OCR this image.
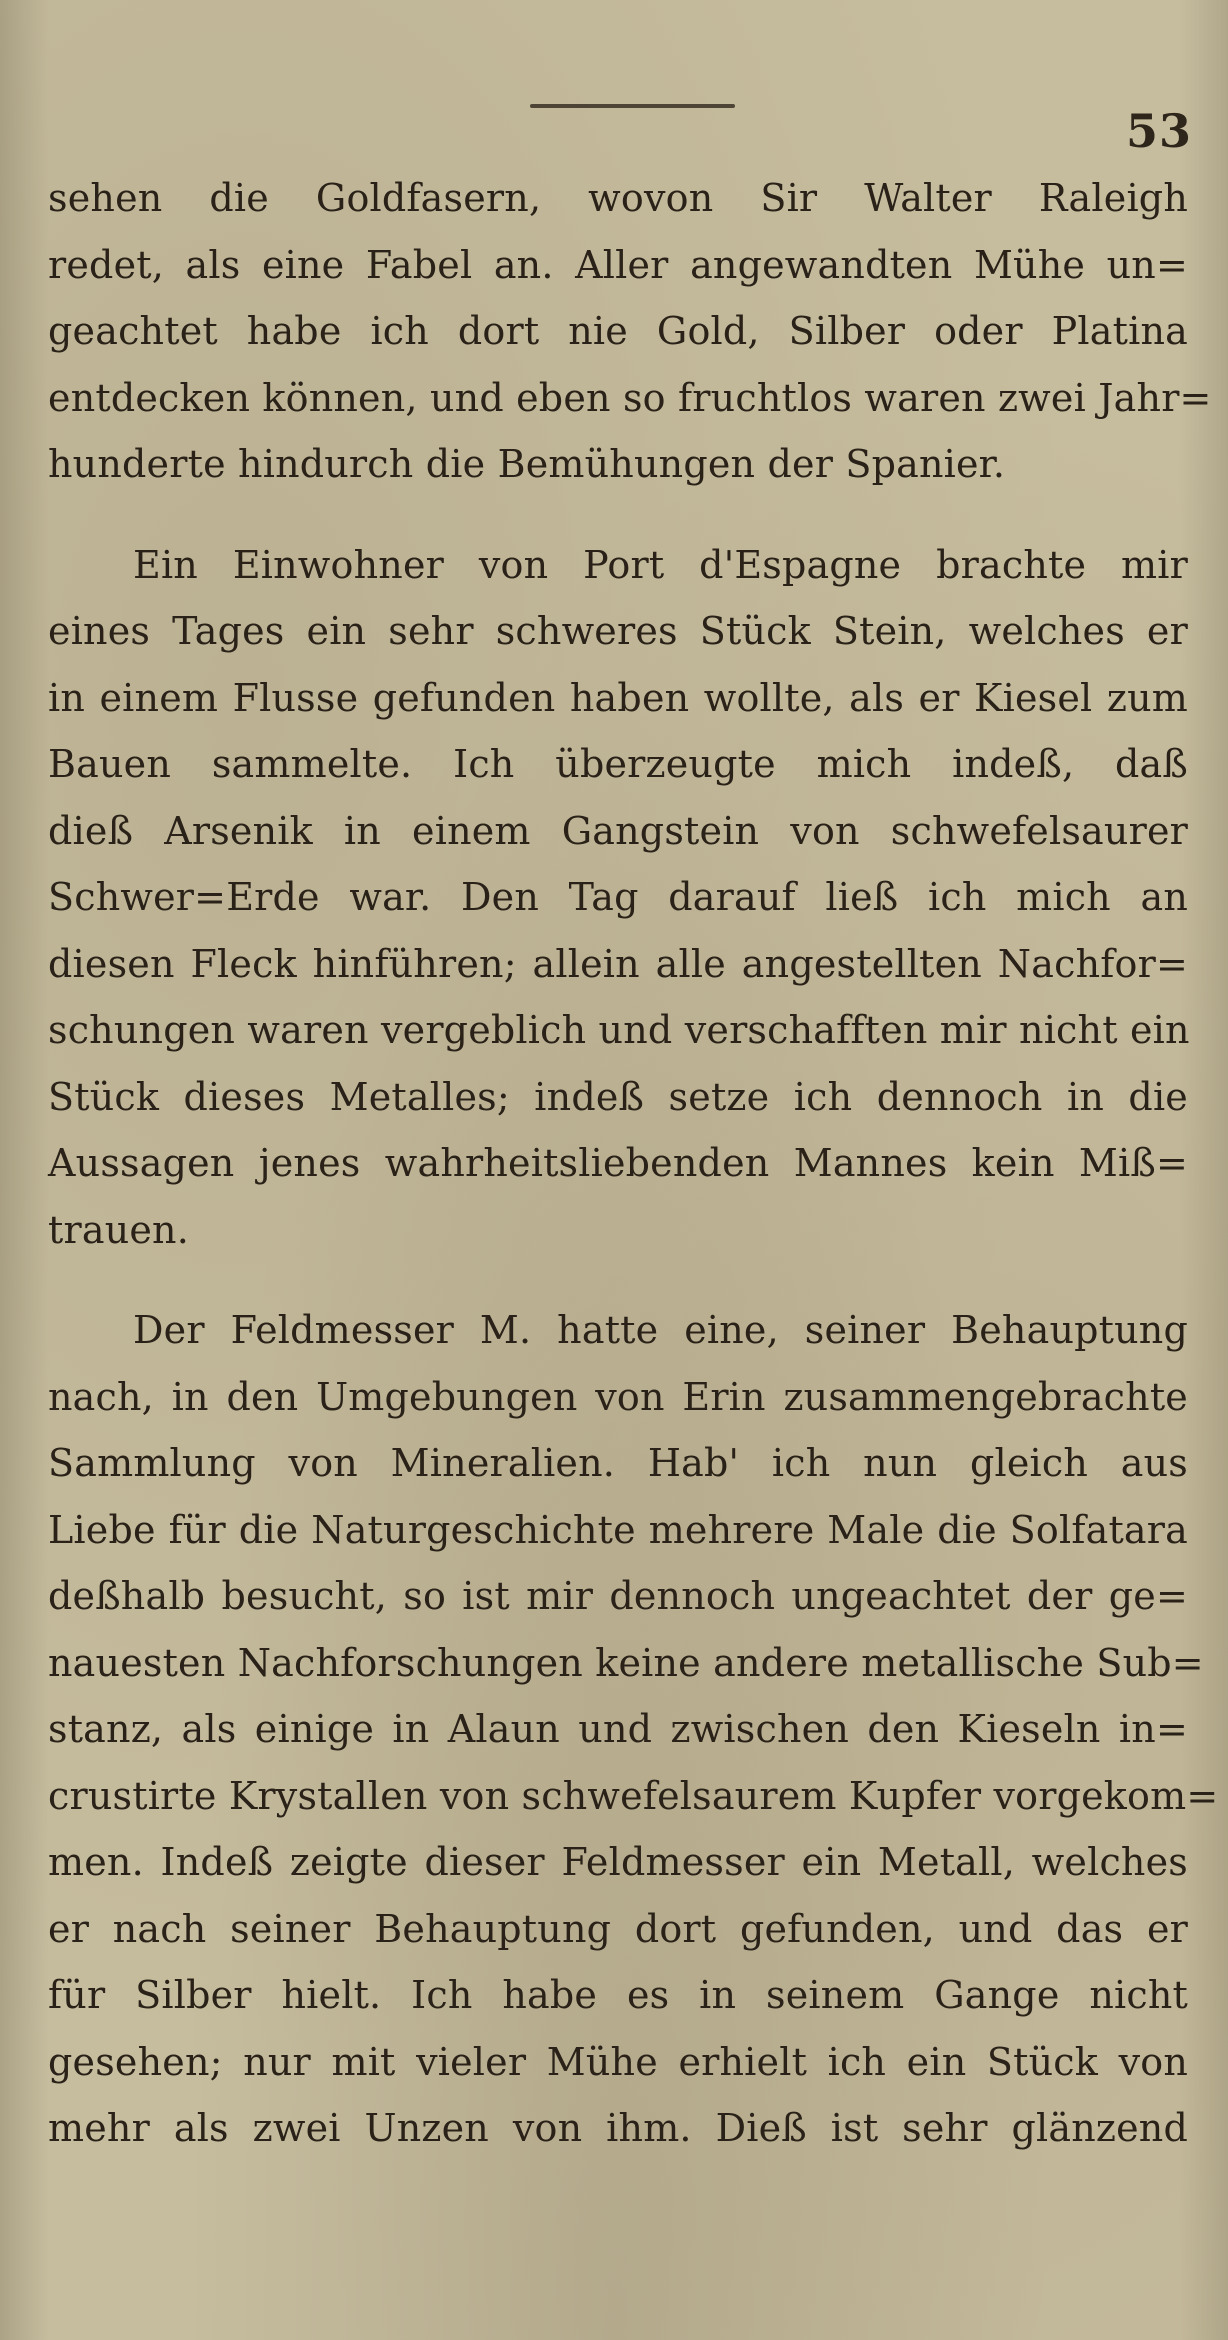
53
sehen die Goldfasern, wovon Sir Walter Raleigh
redet, als eine Fabel an. Aller angewandten Mühe un=
geachtet habe ich dort nie Gold, Silber oder Platina
entdecken können, und eben so fruchtlos waren zwei Jahr=
hunderte hindurch die Bemühungen der Spanier.
Ein Einwohner von Port d'Espagne brachte mir
eines Tages ein sehr schweres Stück Stein, welches er
in einem Flusse gefunden haben wollte, als er Kiesel zum
Bauen sammelte. Ich überzeugte mich indeß, daß
dieß Arsenik in einem Gangstein von schwefelsaurer
Schwer=Erde war. Den Tag darauf ließ ich mich an
diesen Fleck hinführen; allein alle angestellten Nachfor=
schungen waren vergeblich und verschafften mir nicht ein
Stück dieses Metalles; indeß setze ich dennoch in die
Aussagen jenes wahrheitsliebenden Mannes kein Miß=
trauen.
Der Feldmesser M. hatte eine, seiner Behauptung
nach, in den Umgebungen von Erin zusammengebrachte
Sammlung von Mineralien. Hab' ich nun gleich aus
Liebe für die Naturgeschichte mehrere Male die Solfatara
deßhalb besucht, so ist mir dennoch ungeachtet der ge=
nauesten Nachforschungen keine andere metallische Sub=
stanz, als einige in Alaun und zwischen den Kieseln in=
crustirte Krystallen von schwefelsaurem Kupfer vorgekom=
men. Indeß zeigte dieser Feldmesser ein Metall, welches
er nach seiner Behauptung dort gefunden, und das er
für Silber hielt. Ich habe es in seinem Gange nicht
gesehen; nur mit vieler Mühe erhielt ich ein Stück von
mehr als zwei Unzen von ihm. Dieß ist sehr glänzend
